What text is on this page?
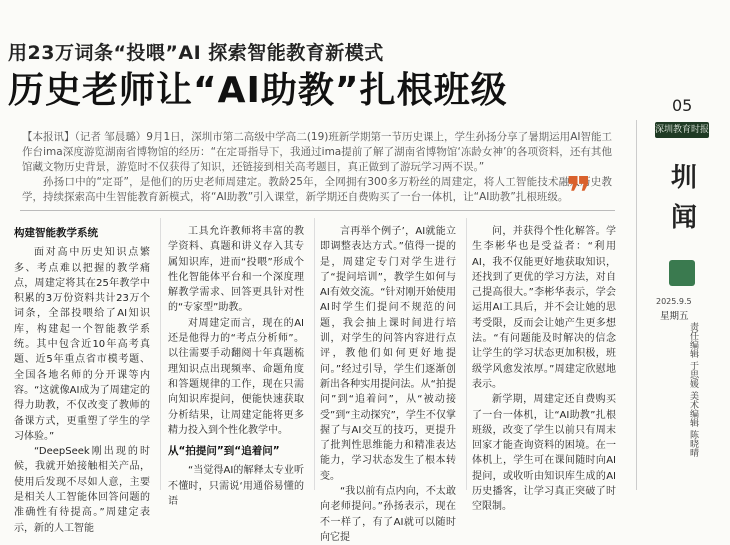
用23万词条“投喂”AI 探索智能教育新模式
历史老师让“AI助教”扎根班级

【本报讯】（记者 邹晨璐）9月1日，深圳市第二高级中学高二(19)班新学期第一节历史课上，学生孙扬分享了暑期运用AI智能工作台ima深度游览湖南省博物馆的经历：“在定哥指导下，我通过ima提前了解了湖南省博物馆‘冻龄女神’的各项资料，还有其他馆藏文物历史背景，游览时不仅获得了知识，还链接到相关高考题目，真正做到了游玩学习两不误。”

孙扬口中的“定哥”，是他们的历史老师周建定。教龄25年，全网拥有300多万粉丝的周建定，将人工智能技术融入历史教学，持续探索高中生智能教育新模式，将“AI助教”引入课堂，新学期还自费购买了一台一体机，让“AI助教”扎根班级。

❞

构建智能教学系统

面对高中历史知识点繁多、考点难以把握的教学痛点，周建定将其在25年教学中积累的3万份资料共计23万个词条，全部投喂给了AI知识库，构建起一个智能教学系统。其中包含近10年高考真题、近5年重点省市模考题、全国各地名师的分开课等内容。“这就像AI成为了周建定的得力助教，不仅改变了教师的备课方式，更重塑了学生的学习体验。”

“DeepSeek刚出现的时候，我就开始接触相关产品，使用后发现不尽如人意，主要是相关人工智能体回答问题的准确性有待提高。”周建定表示，新的人工智能

工具允许教师将丰富的教学资料、真题和讲义存入其专属知识库，进而“投喂”形成个性化智能体平台和一个深度理解教学需求、回答更具针对性的“专家型”助教。

对周建定而言，现在的AI还是他得力的“考点分析师”。以往需要手动翻阅十年真题梳理知识点出现频率、命题角度和答题规律的工作，现在只需向知识库提问，便能快速获取分析结果，让周建定能将更多精力投入到个性化教学中。

从“拍提问”到“追着问”

“当觉得AI的解释太专业听不懂时，只需说‘用通俗易懂的语

言再举个例子’，AI就能立即调整表达方式。”值得一提的是，周建定专门对学生进行了“提问培训”，教学生如何与AI有效交流。“针对刚开始使用AI时学生们提问不规范的问题，我会抽上课时间进行培训，对学生的问答内容进行点评，教他们如何更好地提问。”经过引导，学生们逐渐创新出各种实用提问法。从“拍提问”到“追着问”，从“被动接受”到“主动探究”，学生不仅掌握了与AI交互的技巧，更提升了批判性思维能力和精准表达能力，学习状态发生了根本转变。

“我以前有点内向，不太敢向老师提问。”孙扬表示，现在不一样了，有了AI就可以随时向它提

问，并获得个性化解答。学生李彬华也是受益者：“利用AI，我不仅能更好地获取知识，还找到了更优的学习方法，对自己提高很大。”李彬华表示，学会运用AI工具后，并不会让她的思考受限，反而会让她产生更多想法。“有问题能及时解决的信念让学生的学习状态更加积极，班级学风愈发浓厚。”周建定欣慰地表示。

新学期，周建定还自费购买了一台一体机，让“AI助教”扎根班级，改变了学生以前只有周末回家才能查询资料的困境。在一体机上，学生可在课间随时向AI提问，或收听由知识库生成的AI历史播客，让学习真正突破了时空限制。

05
深圳教育时报
圳
闻
2025.9.5
星期五
责任编辑 于思媛 美术编辑 陈晓晴
